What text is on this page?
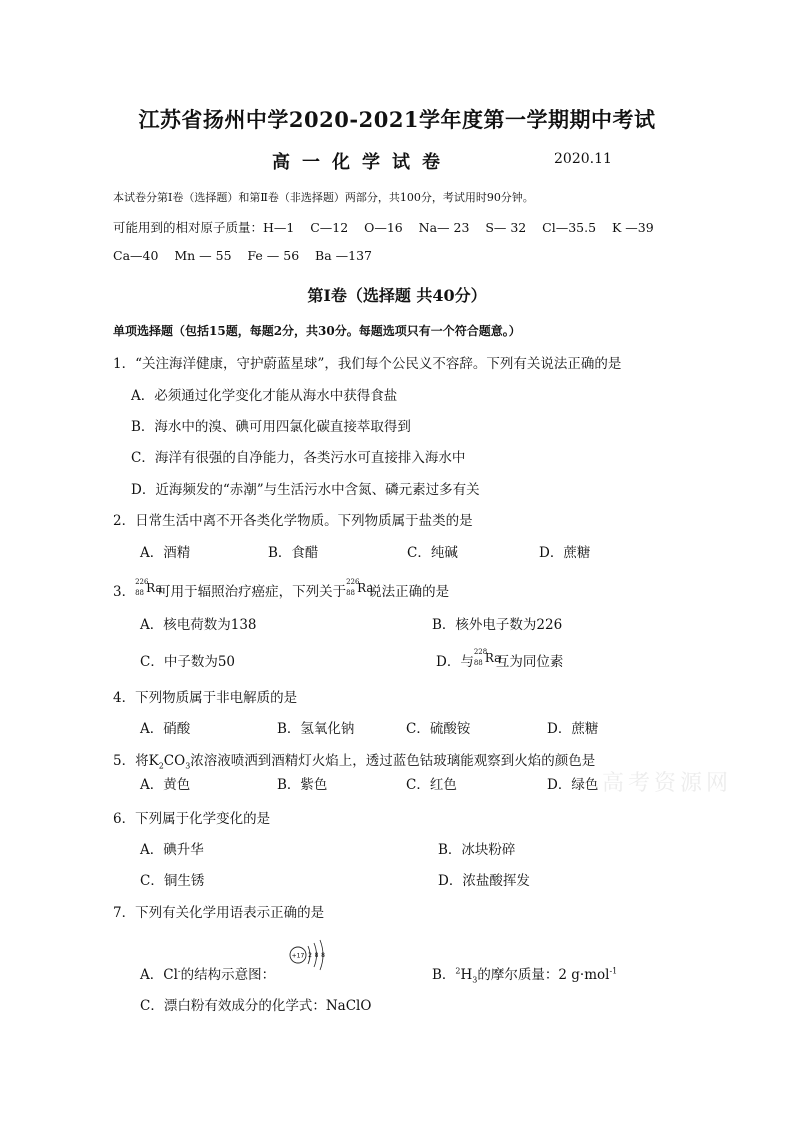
江苏省扬州中学2020-2021学年度第一学期期中考试
高一化学试卷	2020.11
本试卷分第Ⅰ卷（选择题）和第Ⅱ卷（非选择题）两部分，共100分，考试用时90分钟。
可能用到的相对原子质量：H—1    C—12    O—16    Na— 23    S— 32    Cl—35.5    K —39
Ca—40    Mn — 55    Fe — 56    Ba —137
第Ⅰ卷（选择题 共40分）
单项选择题（包括15题，每题2分，共30分。每题选项只有一个符合题意。）
1．“关注海洋健康，守护蔚蓝星球”，我们每个公民义不容辞。下列有关说法正确的是
A．必须通过化学变化才能从海水中获得食盐
B．海水中的溴、碘可用四氯化碳直接萃取得到
C．海洋有很强的自净能力，各类污水可直接排入海水中
D．近海频发的“赤潮”与生活污水中含氮、磷元素过多有关
2．日常生活中离不开各类化学物质。下列物质属于盐类的是
A．酒精	B．食醋	C．纯碱	D．蔗糖
3．
226
88 Ra
可用于辐照治疗癌症，下列关于
226
88 Ra
说法正确的是
A．核电荷数为138	B．核外电子数为226
C．中子数为50	D．与
228
88 Ra
互为同位素
4．下列物质属于非电解质的是
A．硝酸	B．氢氧化钠	C．硫酸铵	D．蔗糖
5．将$K_2CO_3$浓溶液喷洒到酒精灯火焰上，透过蓝色钴玻璃能观察到火焰的颜色是
高考资源网
A．黄色	B．紫色	C．红色	D．绿色
6．下列属于化学变化的是
A．碘升华	B．冰块粉碎
C．铜生锈	D．浓盐酸挥发
7．下列有关化学用语表示正确的是
A．Cl-的结构示意图：
+17 2 8 8
B．$^2H_3$的摩尔质量：2 g·mol$^{-1}$
C．漂白粉有效成分的化学式：NaClO
